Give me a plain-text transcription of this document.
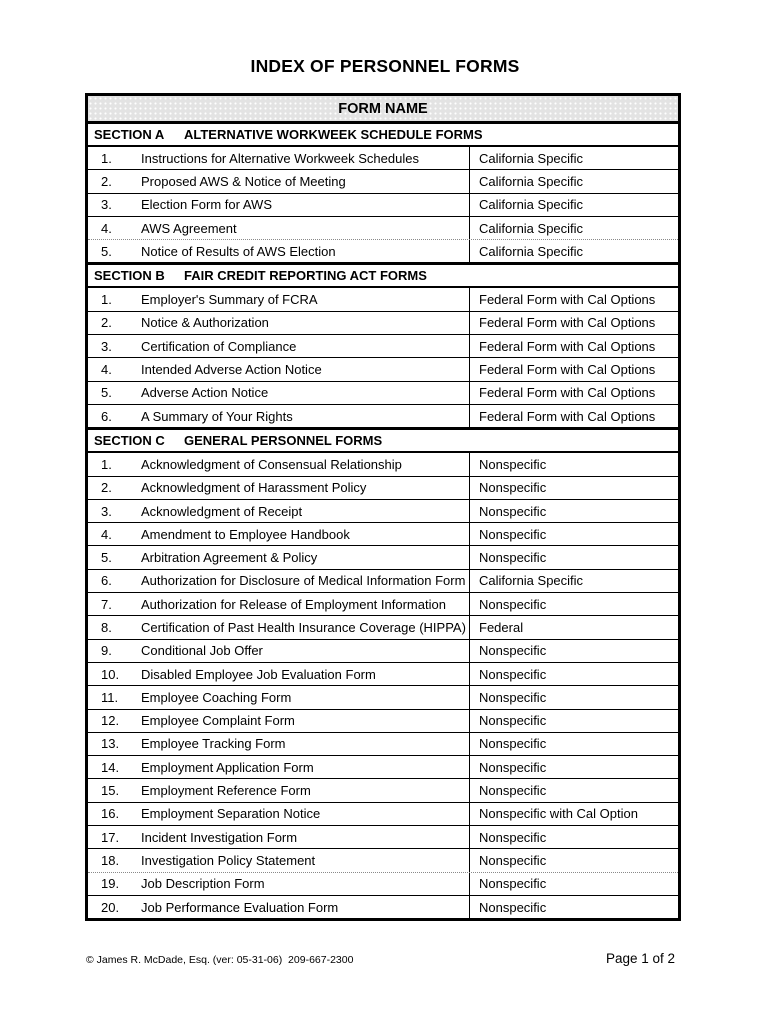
INDEX OF PERSONNEL FORMS
FORM NAME
SECTION A	ALTERNATIVE WORKWEEK SCHEDULE FORMS
1.	Instructions for Alternative Workweek Schedules	California Specific
2.	Proposed AWS & Notice of Meeting	California Specific
3.	Election Form for AWS	California Specific
4.	AWS Agreement	California Specific
5.	Notice of Results of AWS Election	California Specific
SECTION B	FAIR CREDIT REPORTING ACT FORMS
1.	Employer's Summary of FCRA	Federal Form with Cal Options
2.	Notice & Authorization	Federal Form with Cal Options
3.	Certification of Compliance	Federal Form with Cal Options
4.	Intended Adverse Action Notice	Federal Form with Cal Options
5.	Adverse Action Notice	Federal Form with Cal Options
6.	A Summary of Your Rights	Federal Form with Cal Options
SECTION C	GENERAL PERSONNEL FORMS
1.	Acknowledgment of Consensual Relationship	Nonspecific
2.	Acknowledgment of Harassment Policy	Nonspecific
3.	Acknowledgment of Receipt	Nonspecific
4.	Amendment to Employee Handbook	Nonspecific
5.	Arbitration Agreement & Policy	Nonspecific
6.	Authorization for Disclosure of Medical Information Form	California Specific
7.	Authorization for Release of Employment Information	Nonspecific
8.	Certification of Past Health Insurance Coverage (HIPPA)	Federal
9.	Conditional Job Offer	Nonspecific
10.	Disabled Employee Job Evaluation Form	Nonspecific
11.	Employee Coaching Form	Nonspecific
12.	Employee Complaint Form	Nonspecific
13.	Employee Tracking Form	Nonspecific
14.	Employment Application Form	Nonspecific
15.	Employment Reference Form	Nonspecific
16.	Employment Separation Notice	Nonspecific with Cal Option
17.	Incident Investigation Form	Nonspecific
18.	Investigation Policy Statement	Nonspecific
19.	Job Description Form	Nonspecific
20.	Job Performance Evaluation Form	Nonspecific
© James R. McDade, Esq. (ver: 05-31-06)  209-667-2300	Page 1 of 2
